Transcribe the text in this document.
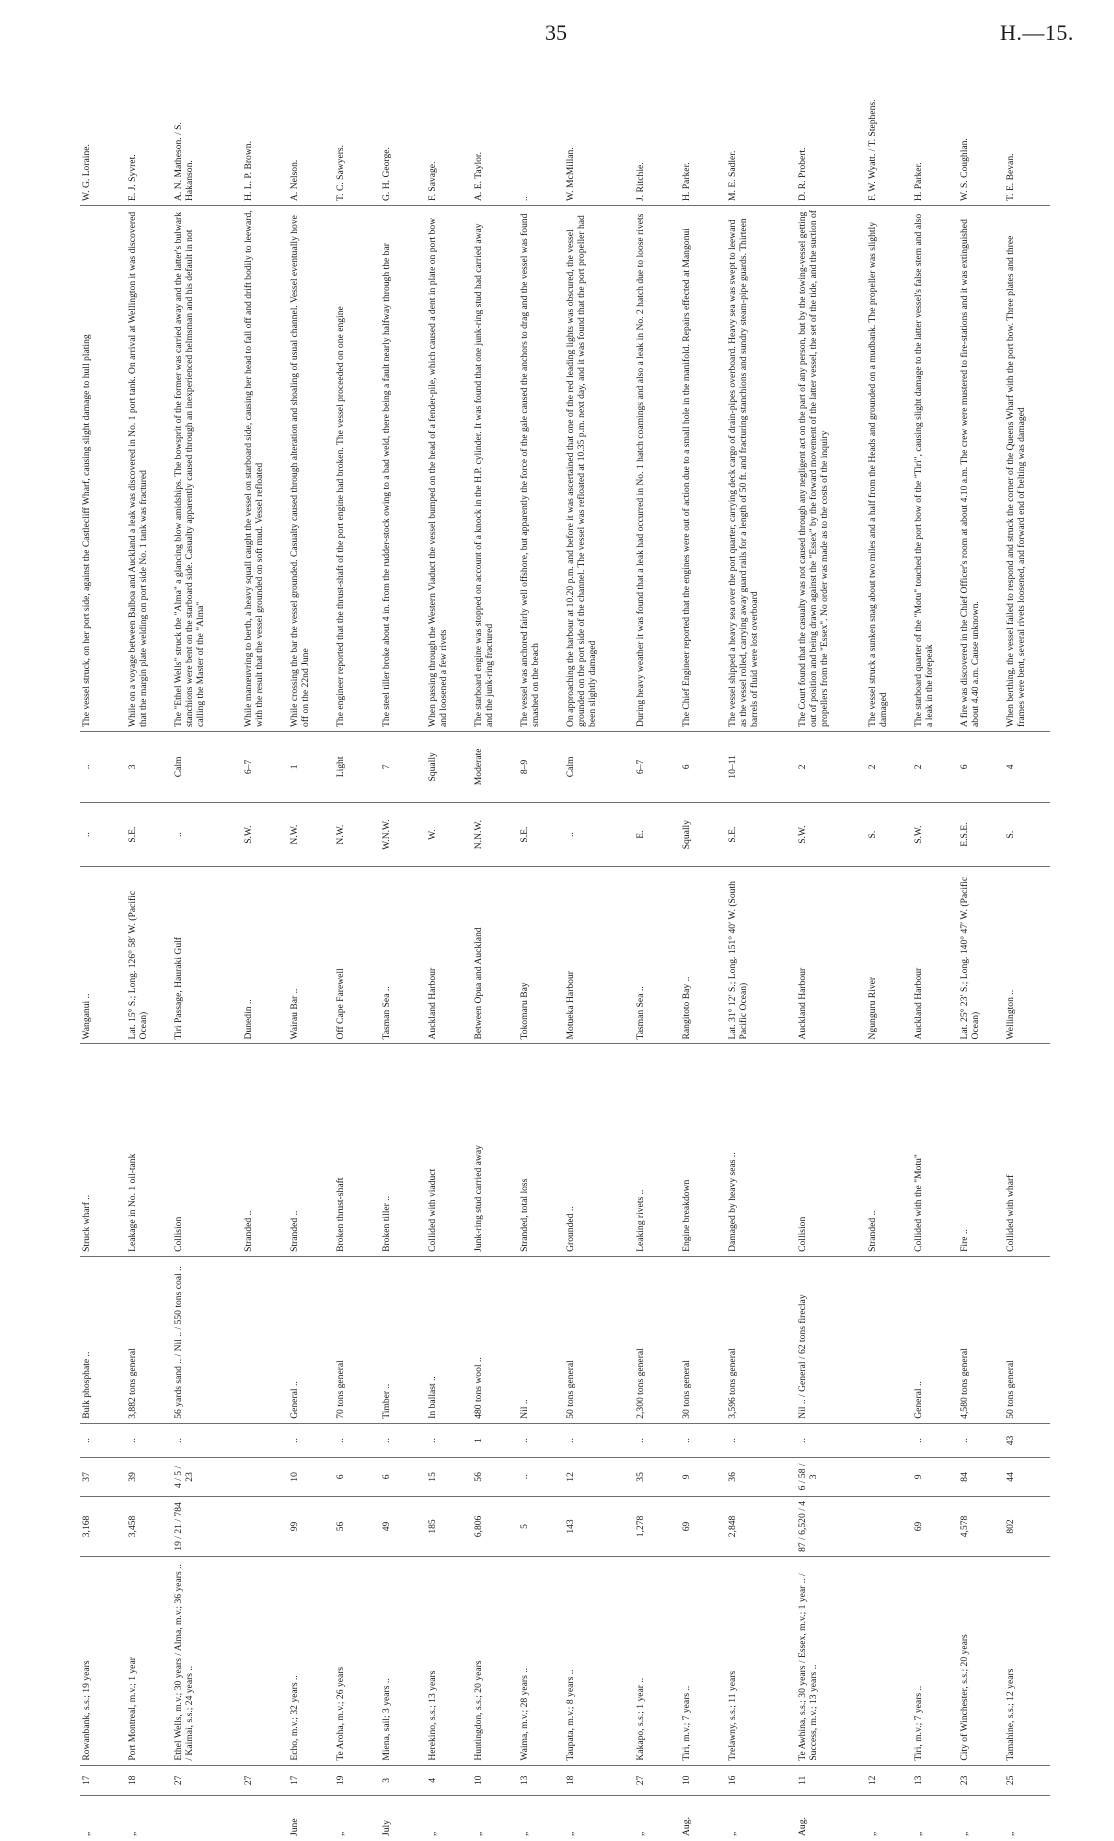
35	H.—15.
„	17	Rowanbank, s.s.; 19 years	3,168	37	..	Bulk phosphate ..	Struck wharf ..	Wanganui ..	..	..	The vessel struck, on her port side, against the Castlecliff Wharf, causing slight damage to hull plating	W. G. Loraine.
„	18	Port Montreal, m.v.; 1 year	3,458	39	..	3,882 tons general	Leakage in No. 1 oil-tank	Lat. 15° S.; Long. 126° 58′ W. (Pacific Ocean)	S.E.	3	While on a voyage between Balboa and Auckland a leak was discovered in No. 1 port tank. On arrival at Wellington it was discovered that the margin plate welding on port side No. 1 tank was fractured	E. J. Syvret.
	27	Ethel Wells, m.v.; 30 years / Alma, m.v.; 36 years .. / Kaimai, s.s.; 24 years ..	19 / 21 / 784	4 / 5 / 23	..	56 yards sand .. / Nil .. / 550 tons coal ..	Collision	Tiri Passage, Hauraki Gulf	..	Calm	The "Ethel Wells" struck the "Alma" a glancing blow amidships. The bowsprit of the former was carried away and the latter's bulwark stanchions were bent on the starboard side. Casualty apparently caused through an inexperienced helmsman and his default in not calling the Master of the "Alma"	A. N. Matheson. / S. Hakanson.
	27						Stranded ..	Dunedin ..	S.W.	6–7	While manœuvring to berth, a heavy squall caught the vessel on starboard side, causing her head to fall off and drift bodily to leeward, with the result that the vessel grounded on soft mud. Vessel refloated	H. L. P. Brown.
June	17	Echo, m.v.; 32 years ..	99	10	..	General ..	Stranded ..	Wairau Bar ..	N.W.	1	While crossing the bar the vessel grounded. Casualty caused through alteration and shoaling of usual channel. Vessel eventually hove off on the 22nd June	A. Nelson.
„	19	Te Aroha, m.v.; 26 years	56	6	..	70 tons general	Broken thrust-shaft	Off Cape Farewell	N.W.	Light	The engineer reported that the thrust-shaft of the port engine had broken. The vessel proceeded on one engine	T. C. Sawyers.
July	3	Miena, sail; 3 years ..	49	6	..	Timber ..	Broken tiller ..	Tasman Sea ..	W.N.W.	7	The steel tiller broke about 4 in. from the rudder-stock owing to a bad weld, there being a fault nearly halfway through the bar	G. H. George.
„	4	Herekino, s.s.; 13 years	185	15	..	In ballast ..	Collided with viaduct	Auckland Harbour	W.	Squally	When passing through the Western Viaduct the vessel bumped on the head of a fender-pile, which caused a dent in plate on port bow and loosened a few rivets	F. Savage.
„	10	Huntingdon, s.s.; 20 years	6,806	56	1	480 tons wool ..	Junk-ring stud carried away	Between Opua and Auckland	N.N.W.	Moderate	The starboard engine was stopped on account of a knock in the H.P. cylinder. It was found that one junk-ring stud had carried away and the junk-ring fractured	A. E. Taylor.
„	13	Waima, m.v.; 28 years ..	5	..	..	Nil ..	Stranded, total loss	Tokomaru Bay	S.E.	8–9	The vessel was anchored fairly well offshore, but apparently the force of the gale caused the anchors to drag and the vessel was found smashed on the beach	..
„	18	Taupata, m.v.; 8 years ..	143	12	..	50 tons general	Grounded ..	Motueka Harbour	..	Calm	On approaching the harbour at 10.20 p.m. and before it was ascertained that one of the red leading lights was obscured, the vessel grounded on the port side of the channel. The vessel was refloated at 10.35 p.m. next day, and it was found that the port propeller had been slightly damaged	W. McMillan.
„	27	Kakapo, s.s.; 1 year ..	1,278	35	..	2,300 tons general	Leaking rivets ..	Tasman Sea ..	E.	6–7	During heavy weather it was found that a leak had occurred in No. 1 hatch coamings and also a leak in No. 2 hatch due to loose rivets	J. Ritchie.
Aug.	10	Tiri, m.v.; 7 years ..	69	9	..	30 tons general	Engine breakdown	Rangitoto Bay ..	Squally	6	The Chief Engineer reported that the engines were out of action due to a small hole in the manifold. Repairs effected at Mangonui	H. Parker.
„	16	Trelawny, s.s.; 11 years	2,848	36	..	3,596 tons general	Damaged by heavy seas ..	Lat. 31° 12′ S.; Long. 151° 40′ W. (South Pacific Ocean)	S.E.	10–11	The vessel shipped a heavy sea over the port quarter, carrying deck cargo of drain-pipes overboard. Heavy sea was swept to leeward as the vessel rolled, carrying away guard rails for a length of 50 ft. and fracturing stanchions and sundry steam-pipe guards. Thirteen barrels of fluid were lost overboard	M. E. Sadler.
Aug.	11	Te Awhina, s.s.; 30 years / Essex, m.v.; 1 year .. / Success, m.v.; 13 years ..	87 / 6,520 / 4	6 / 58 / 3	..	Nil .. / General / 62 tons fireclay	Collision	Auckland Harbour	S.W.	2	The Court found that the casualty was not caused through any negligent act on the part of any person, but by the towing-vessel getting out of position and being drawn against the "Essex" by the forward movement of the latter vessel, the set of the tide, and the suction of propellers from the "Essex". No order was made as to the costs of the inquiry	D. R. Probert.
„	12						Stranded ..	Ngunguru River	S.	2	The vessel struck a sunken snag about two miles and a half from the Heads and grounded on a mudbank. The propeller was slightly damaged	F. W. Wyatt. / T. Stephens.
„	13	Tiri, m.v.; 7 years ..	69	9	..	General ..	Collided with the "Motu"	Auckland Harbour	S.W.	2	The starboard quarter of the "Motu" touched the port bow of the "Tiri", causing slight damage to the latter vessel's false stem and also a leak in the forepeak	H. Parker.
„	23	City of Winchester, s.s.; 20 years	4,578	84	..	4,580 tons general	Fire ..	Lat. 25° 23′ S.; Long. 140° 47′ W. (Pacific Ocean)	E.S.E.	6	A fire was discovered in the Chief Officer's room at about 4.10 a.m. The crew were mustered to fire-stations and it was extinguished about 4.40 a.m. Cause unknown.	W. S. Coughlan.
„	25	Tamahine, s.s.; 12 years	802	44	43	50 tons general	Collided with wharf	Wellington ..	S.	4	When berthing, the vessel failed to respond and struck the corner of the Queens Wharf with the port bow. Three plates and three frames were bent, several rivets loosened, and forward end of belting was damaged	T. E. Bevan.
